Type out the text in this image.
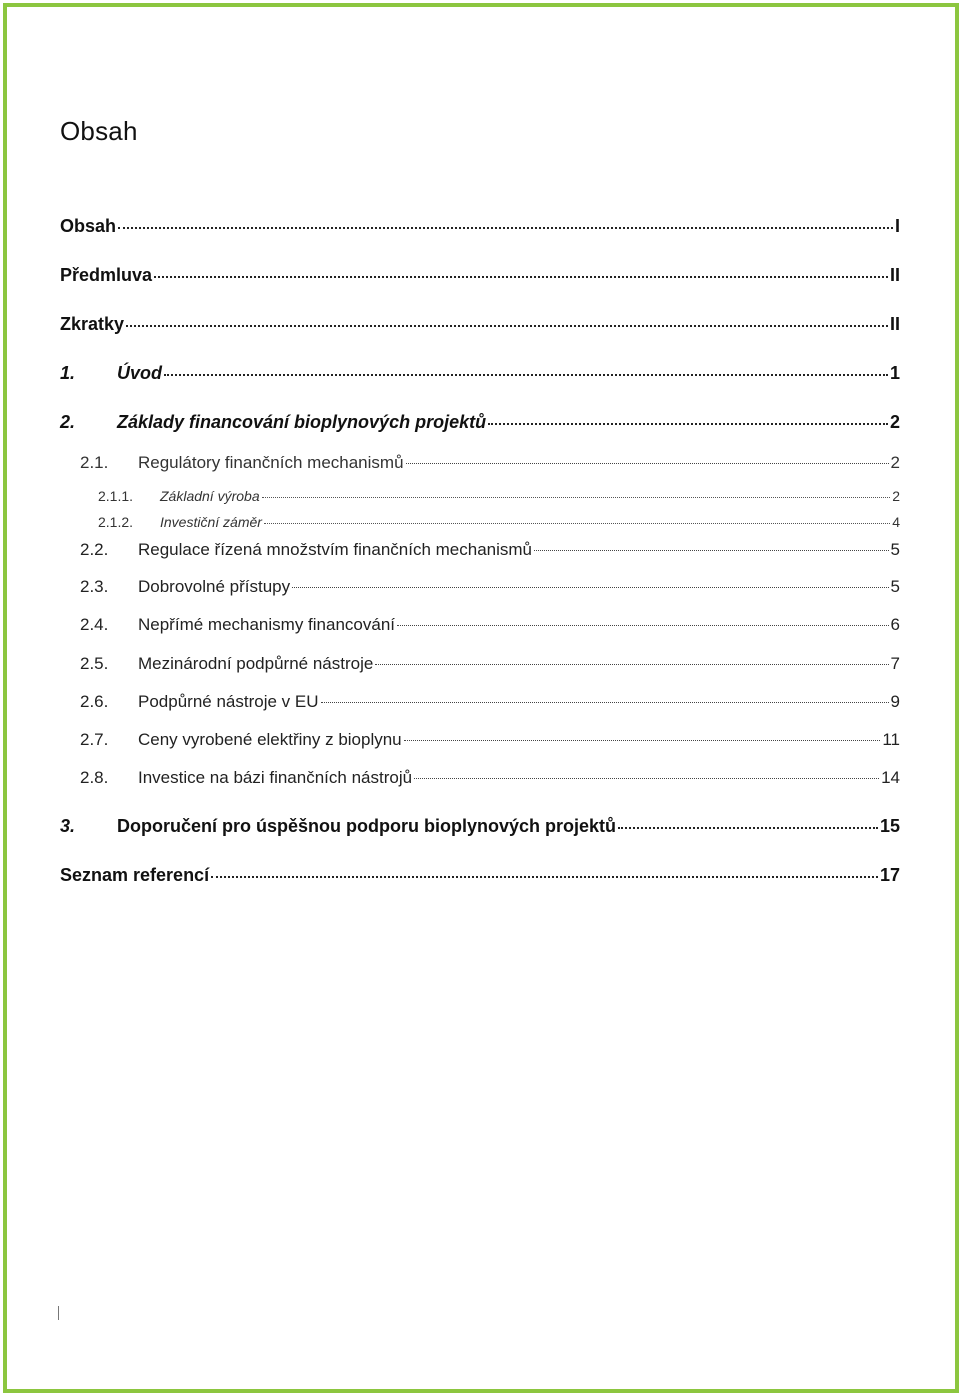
Obsah
Obsah	I
Předmluva	II
Zkratky	II
1.	Úvod	1
2.	Základy financování bioplynových projektů	2
2.1.	Regulátory finančních mechanismů	2
2.1.1.	Základní výroba	2
2.1.2.	Investiční záměr	4
2.2.	Regulace řízená množstvím finančních mechanismů	5
2.3.	Dobrovolné přístupy	5
2.4.	Nepřímé mechanismy financování	6
2.5.	Mezinárodní podpůrné nástroje	7
2.6.	Podpůrné nástroje v EU	9
2.7.	Ceny vyrobené elektřiny z bioplynu	11
2.8.	Investice na bázi finančních nástrojů	14
3.	Doporučení pro úspěšnou podporu bioplynových projektů	15
Seznam referencí	17
